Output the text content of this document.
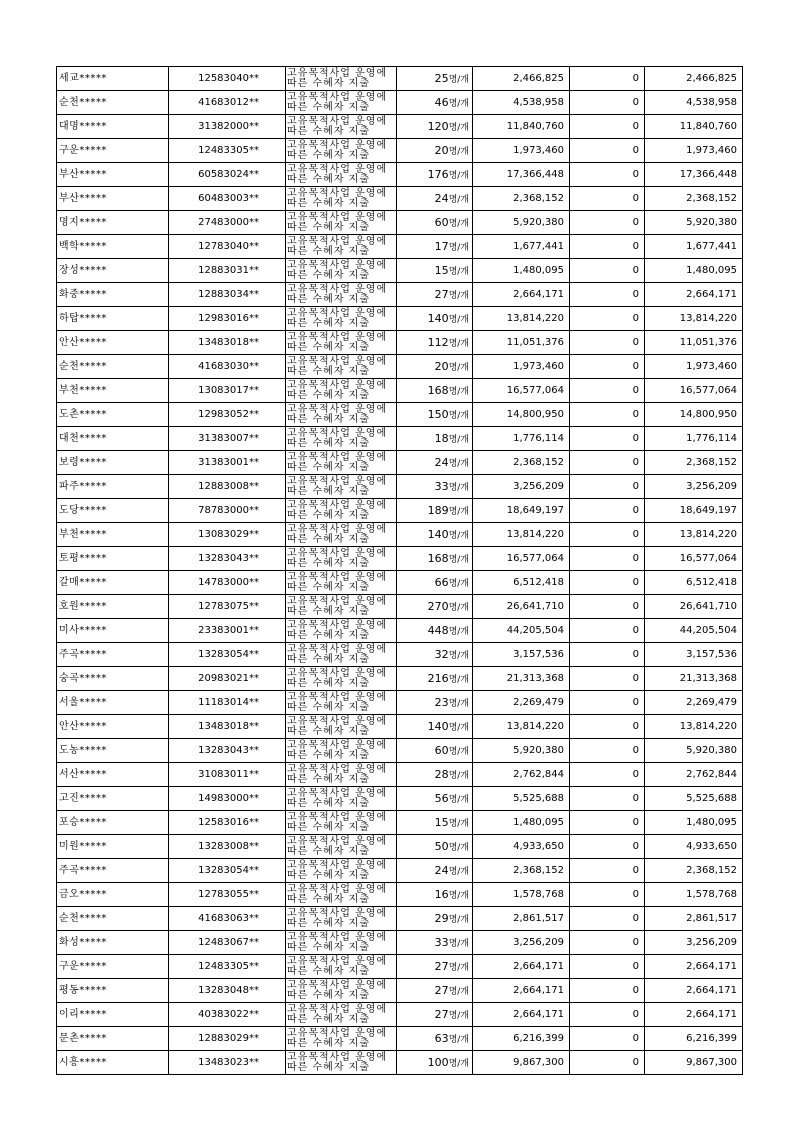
세교*****	12583040**	고유목적사업 운영에
따른 수혜자 지출	25명/개	2,466,825	0	2,466,825
순천*****	41683012**	고유목적사업 운영에
따른 수혜자 지출	46명/개	4,538,958	0	4,538,958
대명*****	31382000**	고유목적사업 운영에
따른 수혜자 지출	120명/개	11,840,760	0	11,840,760
구운*****	12483305**	고유목적사업 운영에
따른 수혜자 지출	20명/개	1,973,460	0	1,973,460
부산*****	60583024**	고유목적사업 운영에
따른 수혜자 지출	176명/개	17,366,448	0	17,366,448
부산*****	60483003**	고유목적사업 운영에
따른 수혜자 지출	24명/개	2,368,152	0	2,368,152
명지*****	27483000**	고유목적사업 운영에
따른 수혜자 지출	60명/개	5,920,380	0	5,920,380
백학*****	12783040**	고유목적사업 운영에
따른 수혜자 지출	17명/개	1,677,441	0	1,677,441
장성*****	12883031**	고유목적사업 운영에
따른 수혜자 지출	15명/개	1,480,095	0	1,480,095
화중*****	12883034**	고유목적사업 운영에
따른 수혜자 지출	27명/개	2,664,171	0	2,664,171
하탑*****	12983016**	고유목적사업 운영에
따른 수혜자 지출	140명/개	13,814,220	0	13,814,220
안산*****	13483018**	고유목적사업 운영에
따른 수혜자 지출	112명/개	11,051,376	0	11,051,376
순천*****	41683030**	고유목적사업 운영에
따른 수혜자 지출	20명/개	1,973,460	0	1,973,460
부천*****	13083017**	고유목적사업 운영에
따른 수혜자 지출	168명/개	16,577,064	0	16,577,064
도촌*****	12983052**	고유목적사업 운영에
따른 수혜자 지출	150명/개	14,800,950	0	14,800,950
대천*****	31383007**	고유목적사업 운영에
따른 수혜자 지출	18명/개	1,776,114	0	1,776,114
보령*****	31383001**	고유목적사업 운영에
따른 수혜자 지출	24명/개	2,368,152	0	2,368,152
파주*****	12883008**	고유목적사업 운영에
따른 수혜자 지출	33명/개	3,256,209	0	3,256,209
도당*****	78783000**	고유목적사업 운영에
따른 수혜자 지출	189명/개	18,649,197	0	18,649,197
부천*****	13083029**	고유목적사업 운영에
따른 수혜자 지출	140명/개	13,814,220	0	13,814,220
토평*****	13283043**	고유목적사업 운영에
따른 수혜자 지출	168명/개	16,577,064	0	16,577,064
갈매*****	14783000**	고유목적사업 운영에
따른 수혜자 지출	66명/개	6,512,418	0	6,512,418
호원*****	12783075**	고유목적사업 운영에
따른 수혜자 지출	270명/개	26,641,710	0	26,641,710
미사*****	23383001**	고유목적사업 운영에
따른 수혜자 지출	448명/개	44,205,504	0	44,205,504
주곡*****	13283054**	고유목적사업 운영에
따른 수혜자 지출	32명/개	3,157,536	0	3,157,536
숭곡*****	20983021**	고유목적사업 운영에
따른 수혜자 지출	216명/개	21,313,368	0	21,313,368
서울*****	11183014**	고유목적사업 운영에
따른 수혜자 지출	23명/개	2,269,479	0	2,269,479
안산*****	13483018**	고유목적사업 운영에
따른 수혜자 지출	140명/개	13,814,220	0	13,814,220
도농*****	13283043**	고유목적사업 운영에
따른 수혜자 지출	60명/개	5,920,380	0	5,920,380
서산*****	31083011**	고유목적사업 운영에
따른 수혜자 지출	28명/개	2,762,844	0	2,762,844
고진*****	14983000**	고유목적사업 운영에
따른 수혜자 지출	56명/개	5,525,688	0	5,525,688
포승*****	12583016**	고유목적사업 운영에
따른 수혜자 지출	15명/개	1,480,095	0	1,480,095
미원*****	13283008**	고유목적사업 운영에
따른 수혜자 지출	50명/개	4,933,650	0	4,933,650
주곡*****	13283054**	고유목적사업 운영에
따른 수혜자 지출	24명/개	2,368,152	0	2,368,152
금오*****	12783055**	고유목적사업 운영에
따른 수혜자 지출	16명/개	1,578,768	0	1,578,768
순천*****	41683063**	고유목적사업 운영에
따른 수혜자 지출	29명/개	2,861,517	0	2,861,517
화성*****	12483067**	고유목적사업 운영에
따른 수혜자 지출	33명/개	3,256,209	0	3,256,209
구운*****	12483305**	고유목적사업 운영에
따른 수혜자 지출	27명/개	2,664,171	0	2,664,171
평동*****	13283048**	고유목적사업 운영에
따른 수혜자 지출	27명/개	2,664,171	0	2,664,171
이리*****	40383022**	고유목적사업 운영에
따른 수혜자 지출	27명/개	2,664,171	0	2,664,171
문촌*****	12883029**	고유목적사업 운영에
따른 수혜자 지출	63명/개	6,216,399	0	6,216,399
시흥*****	13483023**	고유목적사업 운영에
따른 수혜자 지출	100명/개	9,867,300	0	9,867,300
